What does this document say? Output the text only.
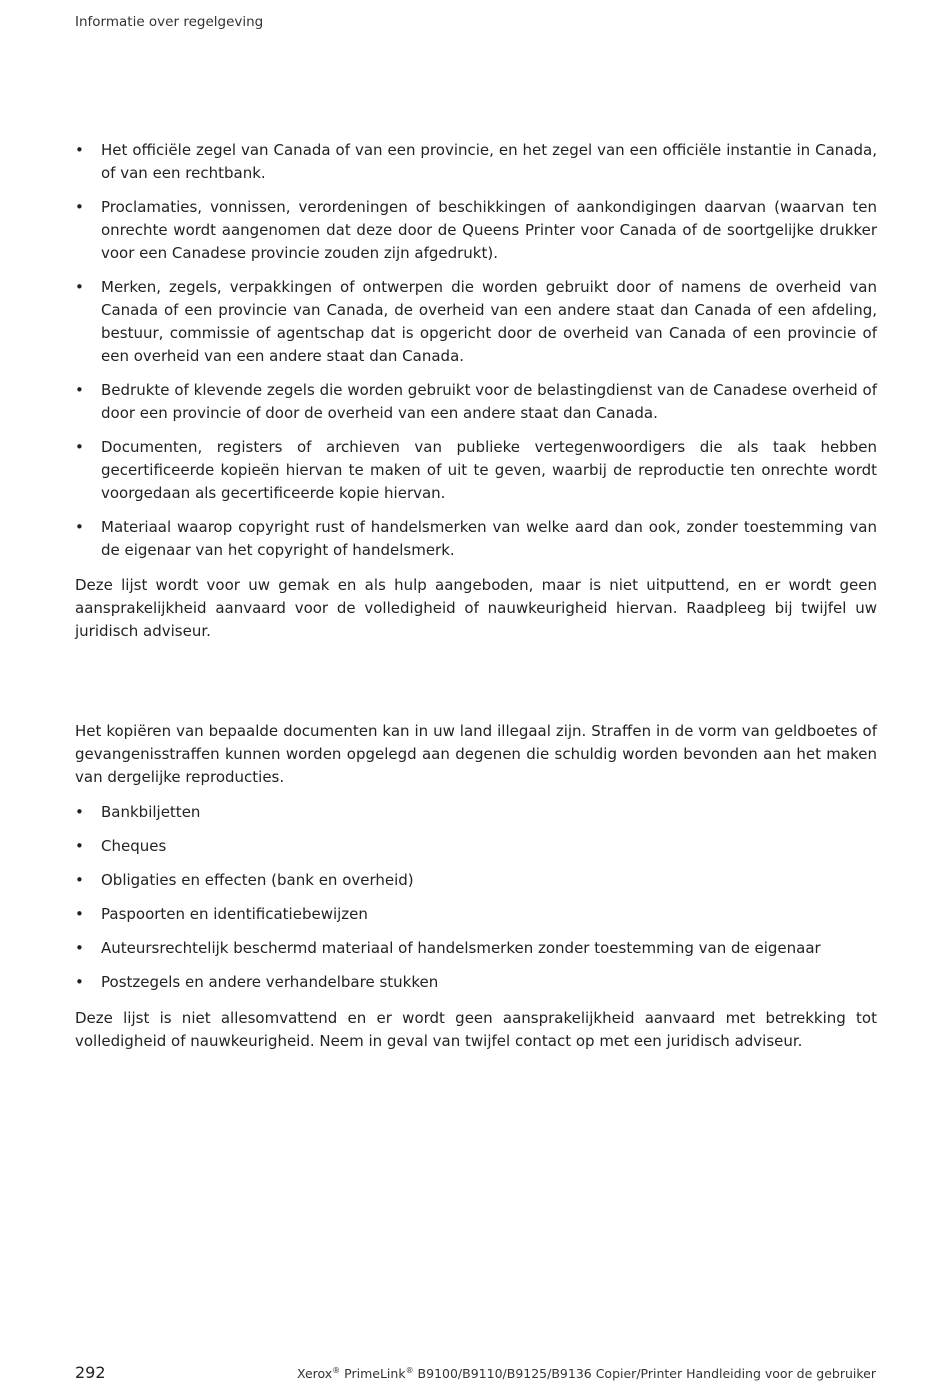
Informatie over regelgeving
• Het officiële zegel van Canada of van een provincie, en het zegel van een officiële instantie in Canada, of van een rechtbank.
• Proclamaties, vonnissen, verordeningen of beschikkingen of aankondigingen daarvan (waarvan ten onrechte wordt aangenomen dat deze door de Queens Printer voor Canada of de soortgelijke drukker voor een Canadese provincie zouden zijn afgedrukt).
• Merken, zegels, verpakkingen of ontwerpen die worden gebruikt door of namens de overheid van Canada of een provincie van Canada, de overheid van een andere staat dan Canada of een afdeling, bestuur, commissie of agentschap dat is opgericht door de overheid van Canada of een provincie of een overheid van een andere staat dan Canada.
• Bedrukte of klevende zegels die worden gebruikt voor de belastingdienst van de Canadese overheid of door een provincie of door de overheid van een andere staat dan Canada.
• Documenten, registers of archieven van publieke vertegenwoordigers die als taak hebben gecertificeerde kopieën hiervan te maken of uit te geven, waarbij de reproductie ten onrechte wordt voorgedaan als gecertificeerde kopie hiervan.
• Materiaal waarop copyright rust of handelsmerken van welke aard dan ook, zonder toestemming van de eigenaar van het copyright of handelsmerk.

Deze lijst wordt voor uw gemak en als hulp aangeboden, maar is niet uitputtend, en er wordt geen aansprakelijkheid aanvaard voor de volledigheid of nauwkeurigheid hiervan. Raadpleeg bij twijfel uw juridisch adviseur.

Het kopiëren van bepaalde documenten kan in uw land illegaal zijn. Straffen in de vorm van geldboetes of gevangenisstraffen kunnen worden opgelegd aan degenen die schuldig worden bevonden aan het maken van dergelijke reproducties.

• Bankbiljetten
• Cheques
• Obligaties en effecten (bank en overheid)
• Paspoorten en identificatiebewijzen
• Auteursrechtelijk beschermd materiaal of handelsmerken zonder toestemming van de eigenaar
• Postzegels en andere verhandelbare stukken

Deze lijst is niet allesomvattend en er wordt geen aansprakelijkheid aanvaard met betrekking tot volledigheid of nauwkeurigheid. Neem in geval van twijfel contact op met een juridisch adviseur.

292	Xerox® PrimeLink® B9100/B9110/B9125/B9136 Copier/Printer Handleiding voor de gebruiker
